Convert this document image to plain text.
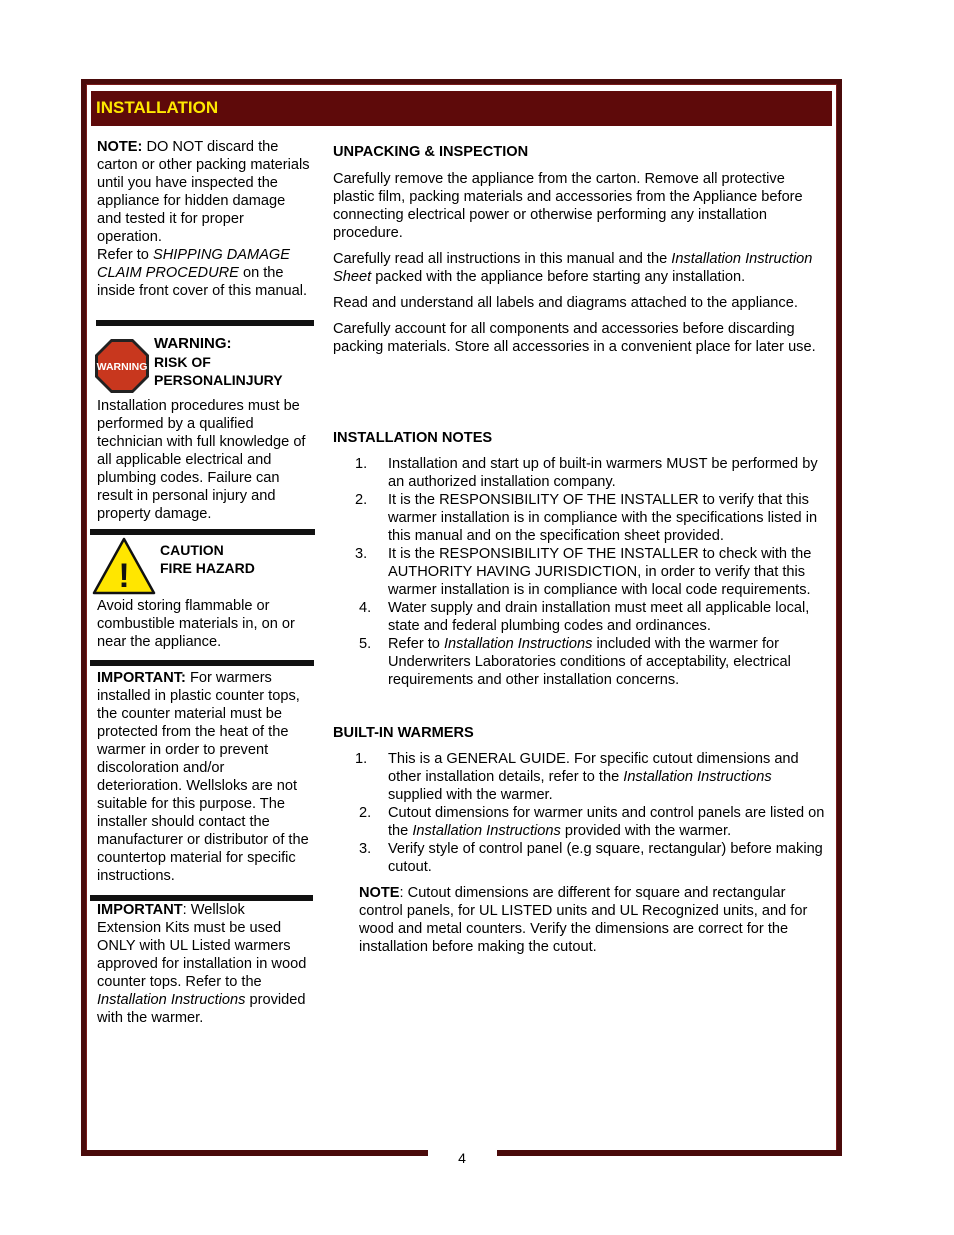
4
INSTALLATION

NOTE: DO NOT discard the carton or other packing materials until you have inspected the appliance for hidden damage and tested it for proper operation.

Refer to SHIPPING DAMAGE CLAIM PROCEDURE on the inside front cover of this manual.

WARNING
WARNING:
RISK OF
PERSONALINJURY
Installation procedures must be performed by a qualified technician with full knowledge of all applicable electrical and plumbing codes. Failure can result in personal injury and property damage.
!
CAUTION
FIRE HAZARD
Avoid storing flammable or combustible materials in, on or near the appliance.
IMPORTANT: For warmers installed in plastic counter tops, the counter material must be protected from the heat of the warmer in order to prevent discoloration and/or deterioration. Wellsloks are not suitable for this purpose. The installer should contact the manufacturer or distributor of the countertop material for specific instructions.
IMPORTANT: Wellslok Extension Kits must be used ONLY with UL Listed warmers approved for installation in wood counter tops. Refer to the Installation Instructions provided with the warmer.
UNPACKING & INSPECTION

Carefully remove the appliance from the carton. Remove all protective plastic film, packing materials and accessories from the Appliance before connecting electrical power or otherwise performing any installation procedure.

Carefully read all instructions in this manual and the Installation Instruction Sheet packed with the appliance before starting any installation.

Read and understand all labels and diagrams attached to the appliance.

Carefully account for all components and accessories before discarding packing materials. Store all accessories in a convenient place for later use.

INSTALLATION NOTES
1. Installation and start up of built-in warmers MUST be performed by an authorized installation company.
2. It is the RESPONSIBILITY OF THE INSTALLER to verify that this warmer installation is in compliance with the specifications listed in this manual and on the specification sheet provided.
3. It is the RESPONSIBILITY OF THE INSTALLER to check with the AUTHORITY HAVING JURISDICTION, in order to verify that this warmer installation is in compliance with local code requirements.
4. Water supply and drain installation must meet all applicable local, state and federal plumbing codes and ordinances.
5. Refer to Installation Instructions included with the warmer for Underwriters Laboratories conditions of acceptability, electrical requirements and other installation concerns.
BUILT-IN WARMERS
1. This is a GENERAL GUIDE. For specific cutout dimensions and other installation details, refer to the Installation Instructions supplied with the warmer.
2. Cutout dimensions for warmer units and control panels are listed on the Installation Instructions provided with the warmer.
3. Verify style of control panel (e.g square, rectangular) before making cutout.

NOTE: Cutout dimensions are different for square and rectangular control panels, for UL LISTED units and UL Recognized units, and for wood and metal counters. Verify the dimensions are correct for the installation before making the cutout.
